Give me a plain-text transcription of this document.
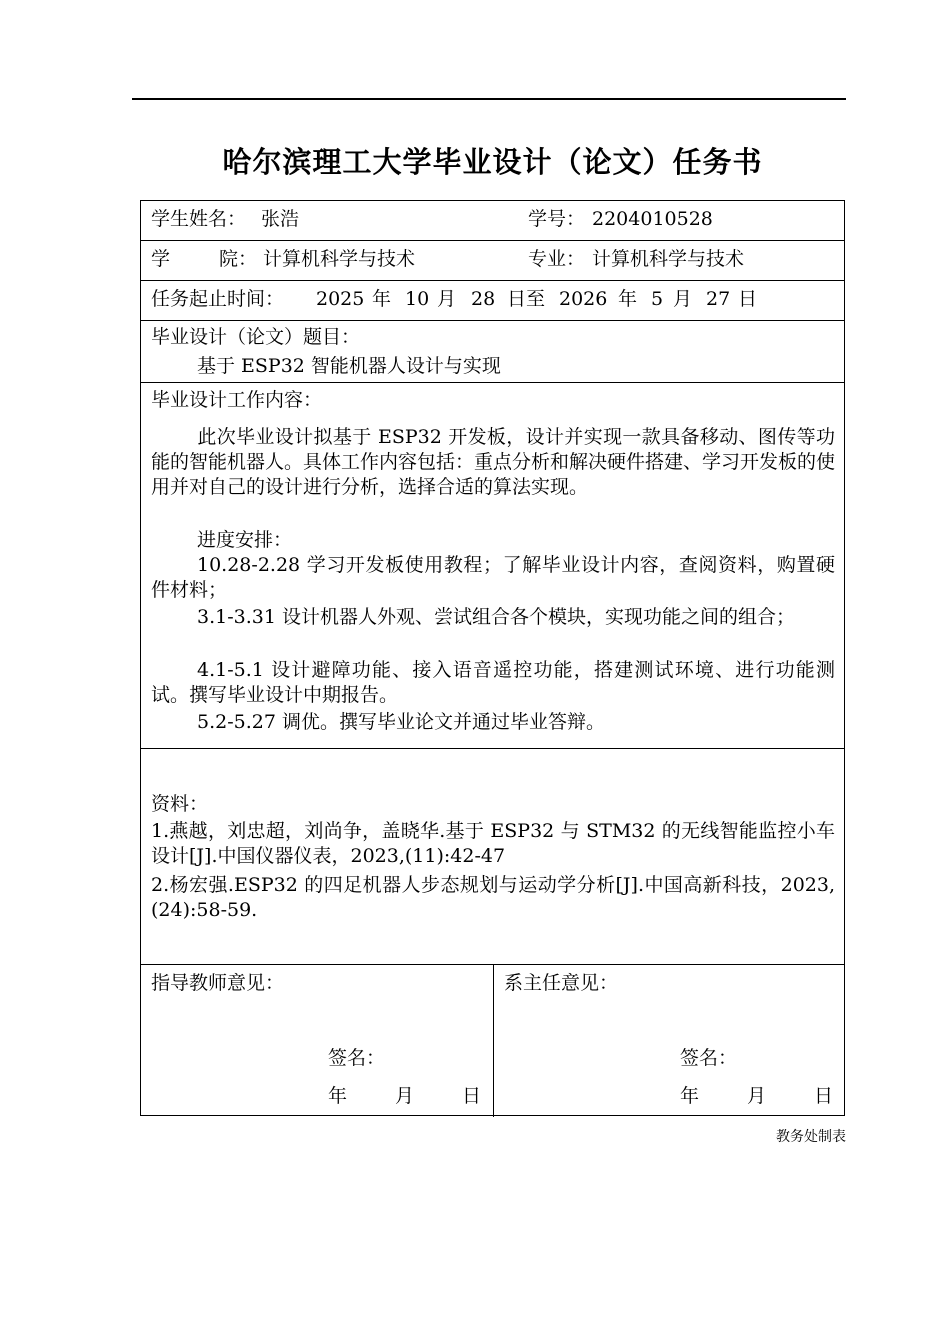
哈尔滨理工大学毕业设计（论文）任务书
学生姓名： 张浩	学号： 2204010528
学	院： 计算机科学与技术	专业： 计算机科学与技术
任务起止时间： 2025 年 10 月 28 日至 2026 年 5 月 27 日
毕业设计（论文）题目：
基于 ESP32 智能机器人设计与实现
毕业设计工作内容：
此次毕业设计拟基于 ESP32 开发板，设计并实现一款具备移动、图传等功能的智能机器人。具体工作内容包括：重点分析和解决硬件搭建、学习开发板的使用并对自己的设计进行分析，选择合适的算法实现。
进度安排：
10.28-2.28 学习开发板使用教程；了解毕业设计内容，查阅资料，购置硬件材料；
3.1-3.31 设计机器人外观、尝试组合各个模块，实现功能之间的组合；
4.1-5.1 设计避障功能、接入语音遥控功能，搭建测试环境、进行功能测试。撰写毕业设计中期报告。
5.2-5.27 调优。撰写毕业论文并通过毕业答辩。
资料：
1.燕越，刘忠超，刘尚争，盖晓华.基于 ESP32 与 STM32 的无线智能监控小车设计[J].中国仪器仪表，2023,(11):42-47
2.杨宏强.ESP32 的四足机器人步态规划与运动学分析[J].中国高新科技，2023,(24):58-59.
指导教师意见：
签名：
年	月	日
系主任意见：
签名：
年	月	日
教务处制表
